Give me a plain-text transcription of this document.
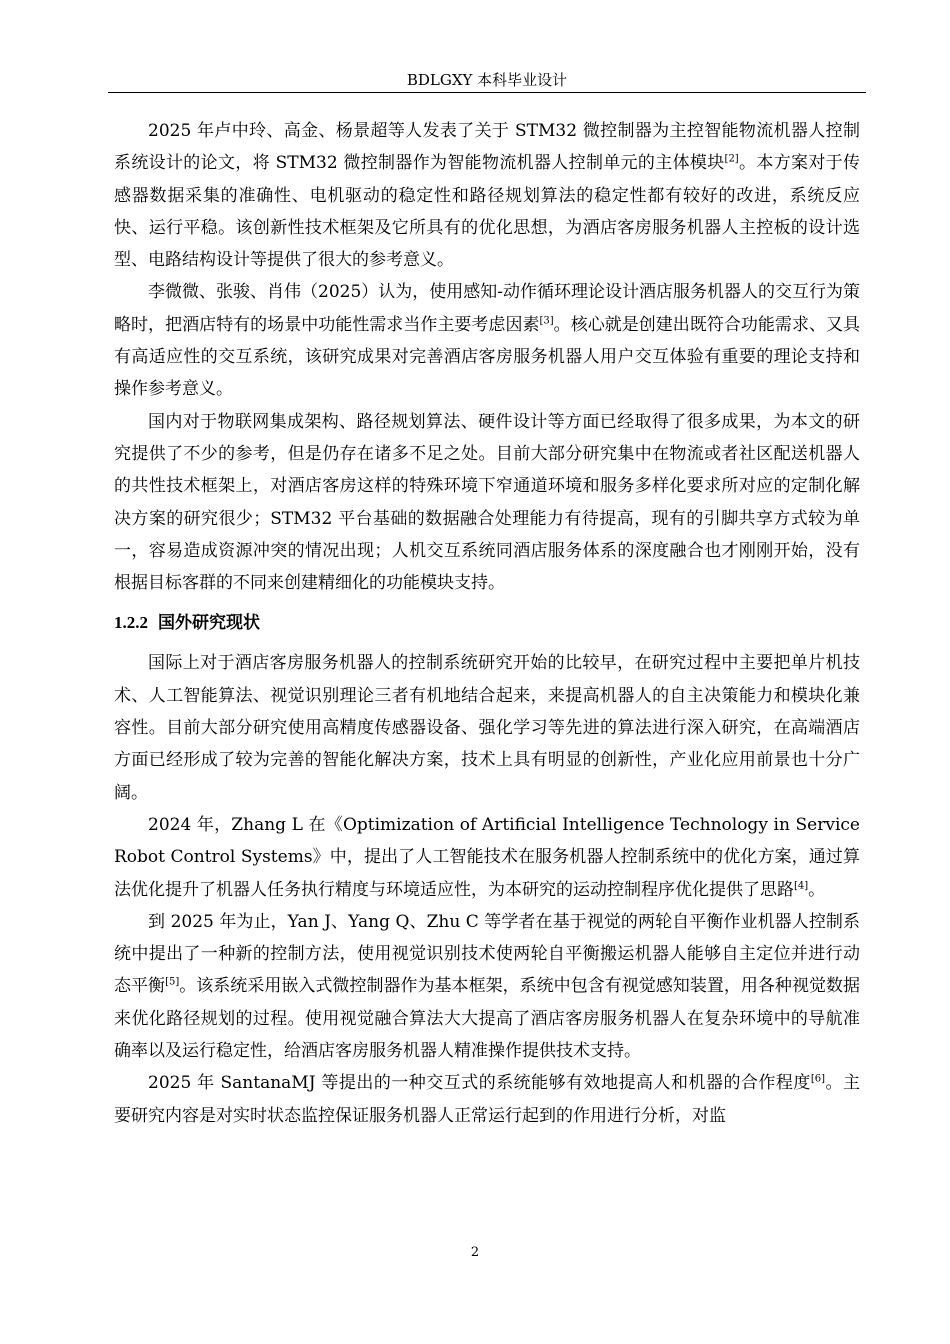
BDLGXY 本科毕业设计

2025 年卢中玲、高金、杨景超等人发表了关于 STM32 微控制器为主控智能物流机器人控制系统设计的论文，将 STM32 微控制器作为智能物流机器人控制单元的主体模块[2]。本方案对于传感器数据采集的准确性、电机驱动的稳定性和路径规划算法的稳定性都有较好的改进，系统反应快、运行平稳。该创新性技术框架及它所具有的优化思想，为酒店客房服务机器人主控板的设计选型、电路结构设计等提供了很大的参考意义。

李微微、张骏、肖伟（2025）认为，使用感知-动作循环理论设计酒店服务机器人的交互行为策略时，把酒店特有的场景中功能性需求当作主要考虑因素[3]。核心就是创建出既符合功能需求、又具有高适应性的交互系统，该研究成果对完善酒店客房服务机器人用户交互体验有重要的理论支持和操作参考意义。

国内对于物联网集成架构、路径规划算法、硬件设计等方面已经取得了很多成果，为本文的研究提供了不少的参考，但是仍存在诸多不足之处。目前大部分研究集中在物流或者社区配送机器人的共性技术框架上，对酒店客房这样的特殊环境下窄通道环境和服务多样化要求所对应的定制化解决方案的研究很少；STM32 平台基础的数据融合处理能力有待提高，现有的引脚共享方式较为单一，容易造成资源冲突的情况出现；人机交互系统同酒店服务体系的深度融合也才刚刚开始，没有根据目标客群的不同来创建精细化的功能模块支持。

1.2.2 国外研究现状

国际上对于酒店客房服务机器人的控制系统研究开始的比较早，在研究过程中主要把单片机技术、人工智能算法、视觉识别理论三者有机地结合起来，来提高机器人的自主决策能力和模块化兼容性。目前大部分研究使用高精度传感器设备、强化学习等先进的算法进行深入研究，在高端酒店方面已经形成了较为完善的智能化解决方案，技术上具有明显的创新性，产业化应用前景也十分广阔。

2024 年，Zhang L 在《Optimization of Artificial Intelligence Technology in Service Robot Control Systems》中，提出了人工智能技术在服务机器人控制系统中的优化方案，通过算法优化提升了机器人任务执行精度与环境适应性，为本研究的运动控制程序优化提供了思路[4]。

到 2025 年为止，Yan J、Yang Q、Zhu C 等学者在基于视觉的两轮自平衡作业机器人控制系统中提出了一种新的控制方法，使用视觉识别技术使两轮自平衡搬运机器人能够自主定位并进行动态平衡[5]。该系统采用嵌入式微控制器作为基本框架，系统中包含有视觉感知装置，用各种视觉数据来优化路径规划的过程。使用视觉融合算法大大提高了酒店客房服务机器人在复杂环境中的导航准确率以及运行稳定性，给酒店客房服务机器人精准操作提供技术支持。

2025 年 SantanaMJ 等提出的一种交互式的系统能够有效地提高人和机器的合作程度[6]。主要研究内容是对实时状态监控保证服务机器人正常运行起到的作用进行分析，对监

2
